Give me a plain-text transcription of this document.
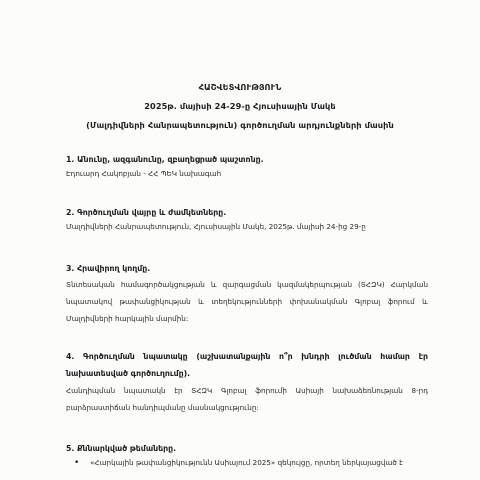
ՀԱՇՎԵՏՎՈՒԹՅՈՒՆ
2025թ. մայիսի 24-29-ը Հյուսիսային Մակե
(Մալդիվների Հանրապետություն) գործուղման արդյունքների մասին
1. Անունը, ազգանունը, զբաղեցրած պաշտոնը.
Էդուարդ Հակոբյան - ՀՀ ՊԵԿ նախագահ
2. Գործուղման վայրը և ժամկետները.
Մալդիվների Հանրապետություն, Հյուսիսային Մակե, 2025թ. մայիսի 24-ից 29-ը
3. Հրավիրող կողմը.
Տնտեսական համագործակցության և զարգացման կազմակերպության (ՏՀԶԿ) Հարկման նպատակով թափանցիկության և տեղեկությունների փոխանակման Գլոբալ ֆորում և Մալդիվների հարկային մարմին:
4. Գործուղման նպատակը (աշխատանքային ո՞ր խնդրի լուծման համար էր նախատեսված գործուղումը).
Հանդիպման նպատակն էր ՏՀԶԿ Գլոբալ ֆորումի Ասիայի նախաձեռնության 8-րդ բարձրաստիճան հանդիպմանը մասնակցությունը:
5. Քննարկված թեմաները.
•	«Հարկային թափանցիկությունն Ասիայում 2025» զեկույցը, որտեղ ներկայացված է
